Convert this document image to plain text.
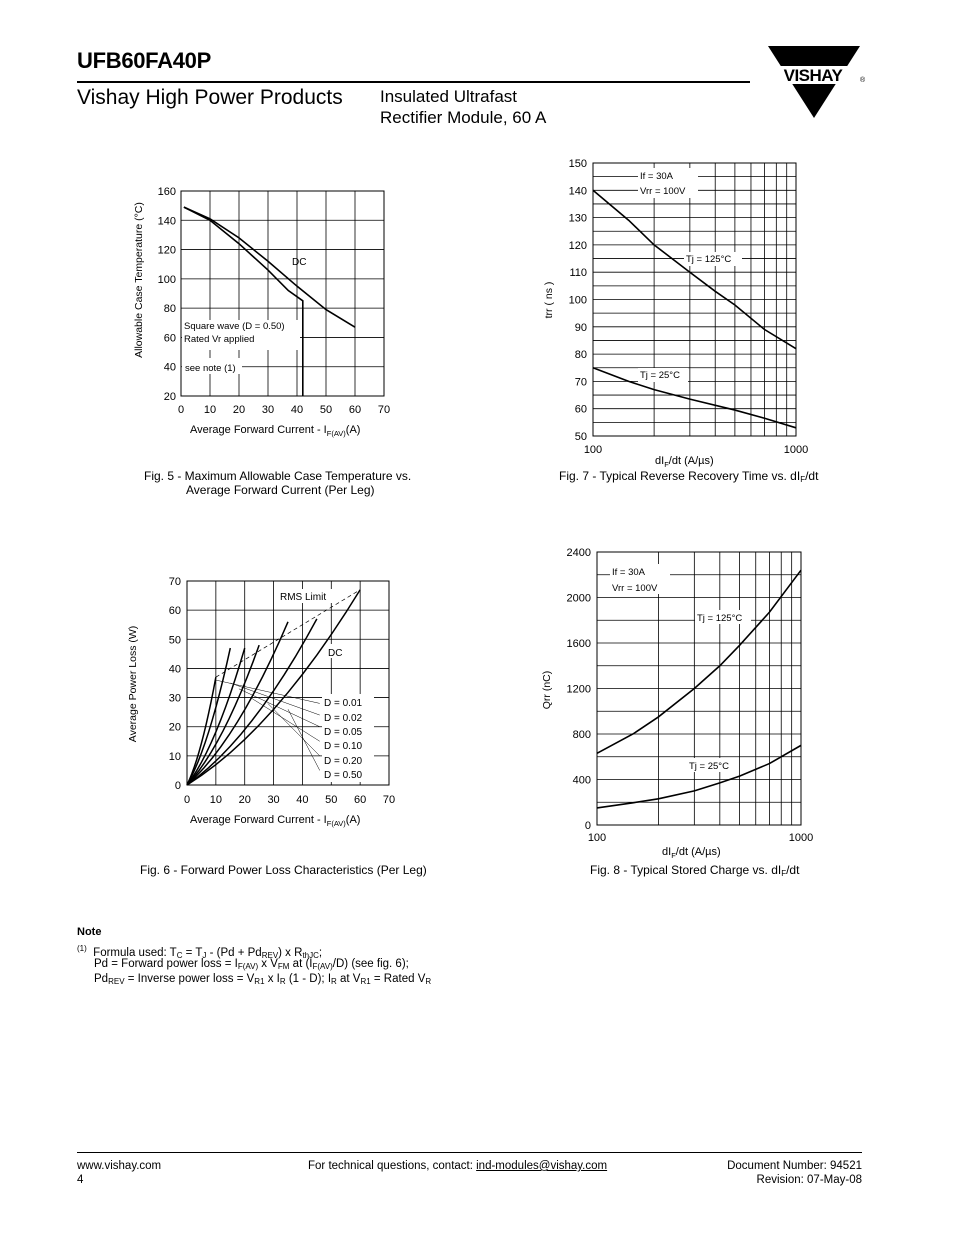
UFB60FA40P
Vishay High Power Products Insulated Ultrafast
Rectifier Module, 60 A
VISHAY	®
0 10 20 30 40 50 60 70
20
40
60
80
100
120
140
160
DC
Square wave (D = 0.50)
Rated Vr applied
see note (1)
Allowable Case Temperature (°C)
Average Forward Current - $I_{F(AV)}(A)$
Fig. 5 - Maximum Allowable Case Temperature vs.
Average Forward Current (Per Leg)
100	1000
50
60
70
80
90
100
110
120
130
140
150
If = 30A
Vrr = 100V
Tj = 125°C
Tj = 25°C
trr ( ns )
$dI_F/dt$ (A/µs)
Fig. 7 - Typical Reverse Recovery Time vs. $dI_F/dt$
0 10 20 30 40 50 60 70
0
10
20
30
40
50
60
70
RMS Limit
DC
D = 0.01
D = 0.02
D = 0.05
D = 0.10
D = 0.20
D = 0.50
Average Power Loss (W)
Average Forward Current - $I_{F(AV)}(A)$
Fig. 6 - Forward Power Loss Characteristics (Per Leg)
100	1000
0
400
800
1200
1600
2000
2400
If = 30A
Vrr = 100V
Tj = 125°C
Tj = 25°C
Qrr (nC)
$dI_F/dt$ (A/µs)
Fig. 8 - Typical Stored Charge vs. $dI_F/dt$
Note
$^{(1)}$ Formula used: $T_C = T_J - (Pd + Pd_{REV})$ x $R_{thJC}$;
Pd = Forward power loss = $I_{F(AV)}$ x $V_{FM}$ at $(I_{F(AV)}/D)$ (see fig. 6);
$Pd_{REV}$ = Inverse power loss = $V_{R1}$ x $I_R$ (1 - D); $I_R$ at $V_{R1}$ = Rated $V_R$
www.vishay.com
4
For technical questions, contact: ind-modules@vishay.com	Document Number: 94521
Revision: 07-May-08
